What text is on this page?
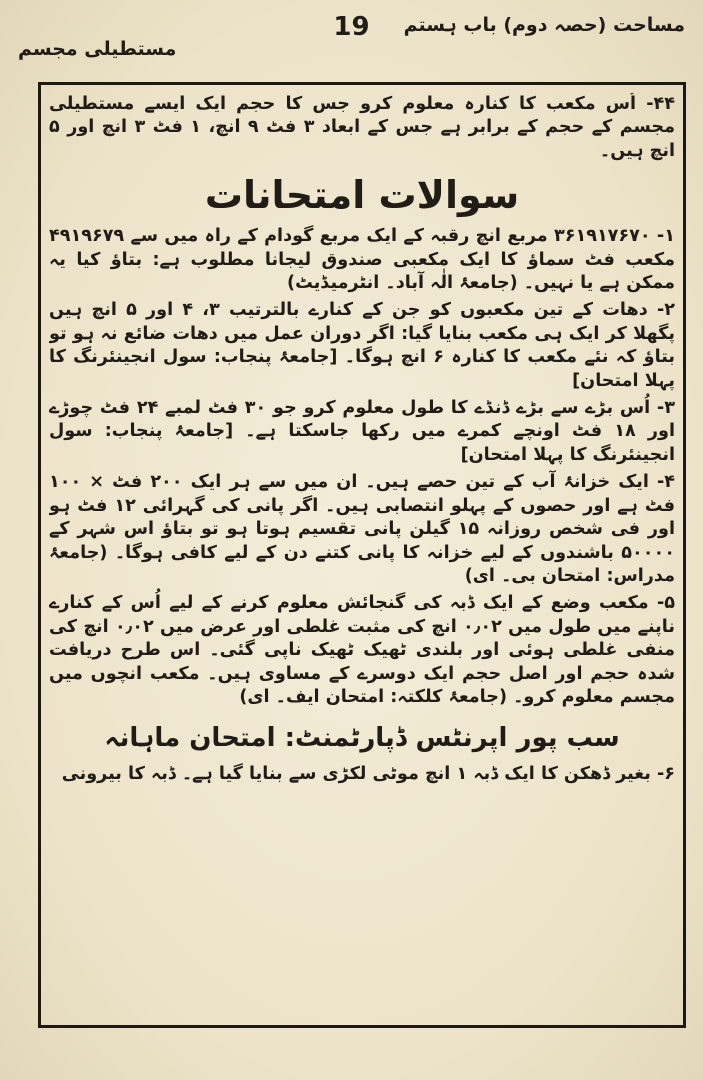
مساحت (حصہ دوم) باب ہستم
19
مستطیلی مجسم

۴۴- اُس مکعب کا کنارہ معلوم کرو جس کا حجم ایک ایسے مستطیلی مجسم کے حجم کے برابر ہے جس کے ابعاد ۳ فٹ ۹ انچ، ۱ فٹ ۳ انچ اور ۵ انچ ہیں۔

سوالات امتحانات

۱- ۳۶۱۹۱۷۶۷۰ مربع انچ رقبہ کے ایک مربع گودام کے راہ میں سے ۴۹۱۹۶۷۹ مکعب فٹ سماؤ کا ایک مکعبی صندوق لیجانا مطلوب ہے: بتاؤ کیا یہ ممکن ہے یا نہیں۔ (جامعۂ الٰہ آباد۔ انٹرمیڈیٹ)

۲- دھات کے تین مکعبوں کو جن کے کنارے بالترتیب ۳، ۴ اور ۵ انچ ہیں پگھلا کر ایک ہی مکعب بنایا گیا: اگر دوران عمل میں دھات ضائع نہ ہو تو بتاؤ کہ نئے مکعب کا کنارہ ۶ انچ ہوگا۔ [جامعۂ پنجاب: سول انجینئرنگ کا پہلا امتحان]

۳- اُس بڑے سے بڑے ڈنڈے کا طول معلوم کرو جو ۳۰ فٹ لمبے ۲۴ فٹ چوڑے اور ۱۸ فٹ اونچے کمرے میں رکھا جاسکتا ہے۔ [جامعۂ پنجاب: سول انجینئرنگ کا پہلا امتحان]

۴- ایک خزانۂ آب کے تین حصے ہیں۔ ان میں سے ہر ایک ۲۰۰ فٹ × ۱۰۰ فٹ ہے اور حصوں کے پہلو انتصابی ہیں۔ اگر پانی کی گہرائی ۱۲ فٹ ہو اور فی شخص روزانہ ۱۵ گیلن پانی تقسیم ہوتا ہو تو بتاؤ اس شہر کے ۵۰۰۰۰ باشندوں کے لیے خزانہ کا پانی کتنے دن کے لیے کافی ہوگا۔ (جامعۂ مدراس: امتحان بی۔ ای)

۵- مکعب وضع کے ایک ڈبہ کی گنجائش معلوم کرنے کے لیے اُس کے کنارے ناپنے میں طول میں ۰٫۰۲ انچ کی مثبت غلطی اور عرض میں ۰٫۰۲ انچ کی منفی غلطی ہوئی اور بلندی ٹھیک ٹھیک ناپی گئی۔ اس طرح دریافت شدہ حجم اور اصل حجم ایک دوسرے کے مساوی ہیں۔ مکعب انچوں میں مجسم معلوم کرو۔ (جامعۂ کلکتہ: امتحان ایف۔ ای)

سب پور اپرنٹس ڈپارٹمنٹ: امتحان ماہانہ

۶- بغیر ڈھکن کا ایک ڈبہ ۱ انچ موٹی لکڑی سے بنایا گیا ہے۔ ڈبہ کا بیرونی
